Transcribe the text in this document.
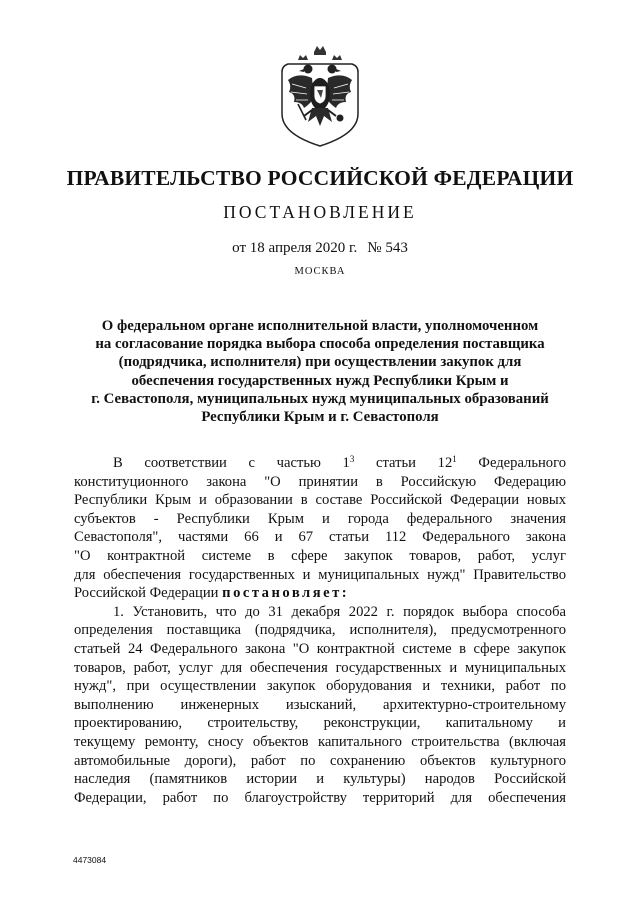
ПРАВИТЕЛЬСТВО РОССИЙСКОЙ ФЕДЕРАЦИИ
ПОСТАНОВЛЕНИЕ
от 18 апреля 2020 г. № 543
МОСКВА
О федеральном органе исполнительной власти, уполномоченном
на согласование порядка выбора способа определения поставщика
(подрядчика, исполнителя) при осуществлении закупок для
обеспечения государственных нужд Республики Крым и
г. Севастополя, муниципальных нужд муниципальных образований
Республики Крым и г. Севастополя
В соответствии с частью $1^3$ статьи $12^1$ Федерального
конституционного закона "О принятии в Российскую Федерацию
Республики Крым и образовании в составе Российской Федерации новых
субъектов - Республики Крым и города федерального значения
Севастополя", частями 66 и 67 статьи 112 Федерального закона
"О контрактной системе в сфере закупок товаров, работ, услуг
для обеспечения государственных и муниципальных нужд" Правительство
Российской Федерации постановляет:
1. Установить, что до 31 декабря 2022 г. порядок выбора способа
определения поставщика (подрядчика, исполнителя), предусмотренного
статьей 24 Федерального закона "О контрактной системе в сфере закупок
товаров, работ, услуг для обеспечения государственных и муниципальных
нужд", при осуществлении закупок оборудования и техники, работ по
выполнению инженерных изысканий, архитектурно-строительному
проектированию, строительству, реконструкции, капитальному и
текущему ремонту, сносу объектов капитального строительства (включая
автомобильные дороги), работ по сохранению объектов культурного
наследия (памятников истории и культуры) народов Российской
Федерации, работ по благоустройству территорий для обеспечения
4473084
